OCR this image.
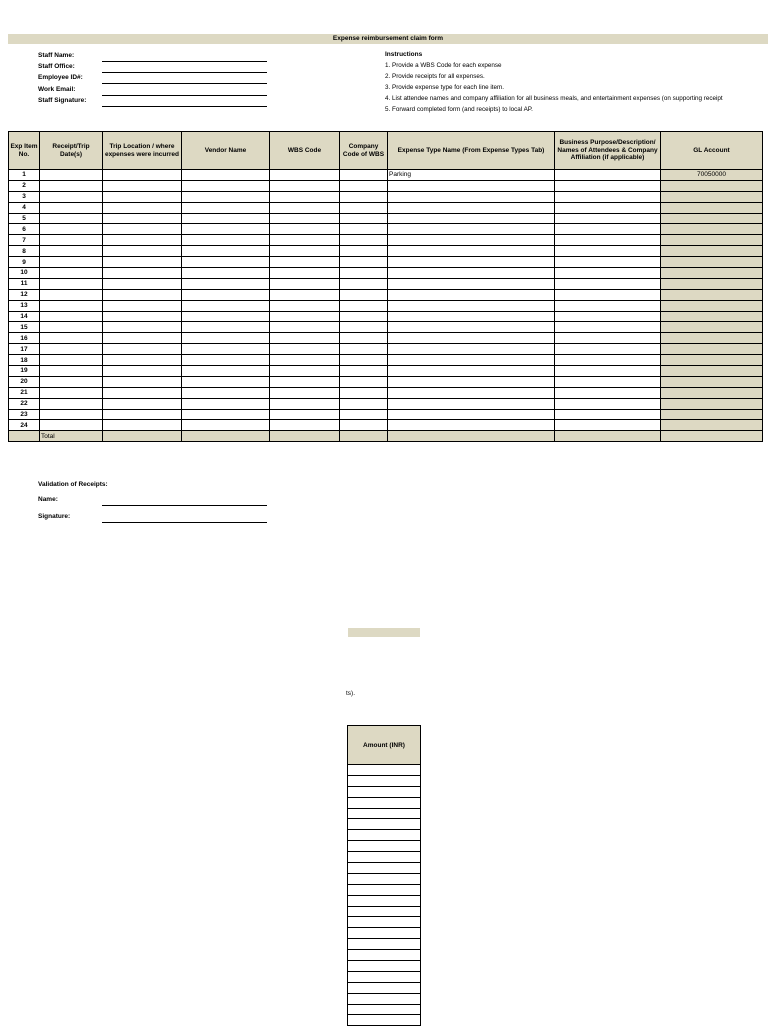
Expense reimbursement claim form
Staff Name:
Staff Office:
Employee ID#:
Work Email:
Staff Signature:
Instructions
1. Provide a WBS Code for each expense
2. Provide receipts for all expenses.
3. Provide expense type for each line item.
4. List attendee names and company affiliation for all business meals, and entertainment expenses (on supporting receipt
5. Forward completed form (and receipts) to local AP.
Exp Item No.	Receipt/Trip Date(s)	Trip Location / where expenses were incurred	Vendor Name	WBS Code	Company Code of WBS	Expense Type Name (From Expense Types Tab)	Business Purpose/Description/ Names of Attendees & Company Affiliation (if applicable)	GL Account
1						Parking		70050000
2								
3								
4								
5								
6								
7								
8								
9								
10								
11								
12								
13								
14								
15								
16								
17								
18								
19								
20								
21								
22								
23								
24								
	Total							
Validation of Receipts:
Name:
Signature:
ts).
Amount (INR)
